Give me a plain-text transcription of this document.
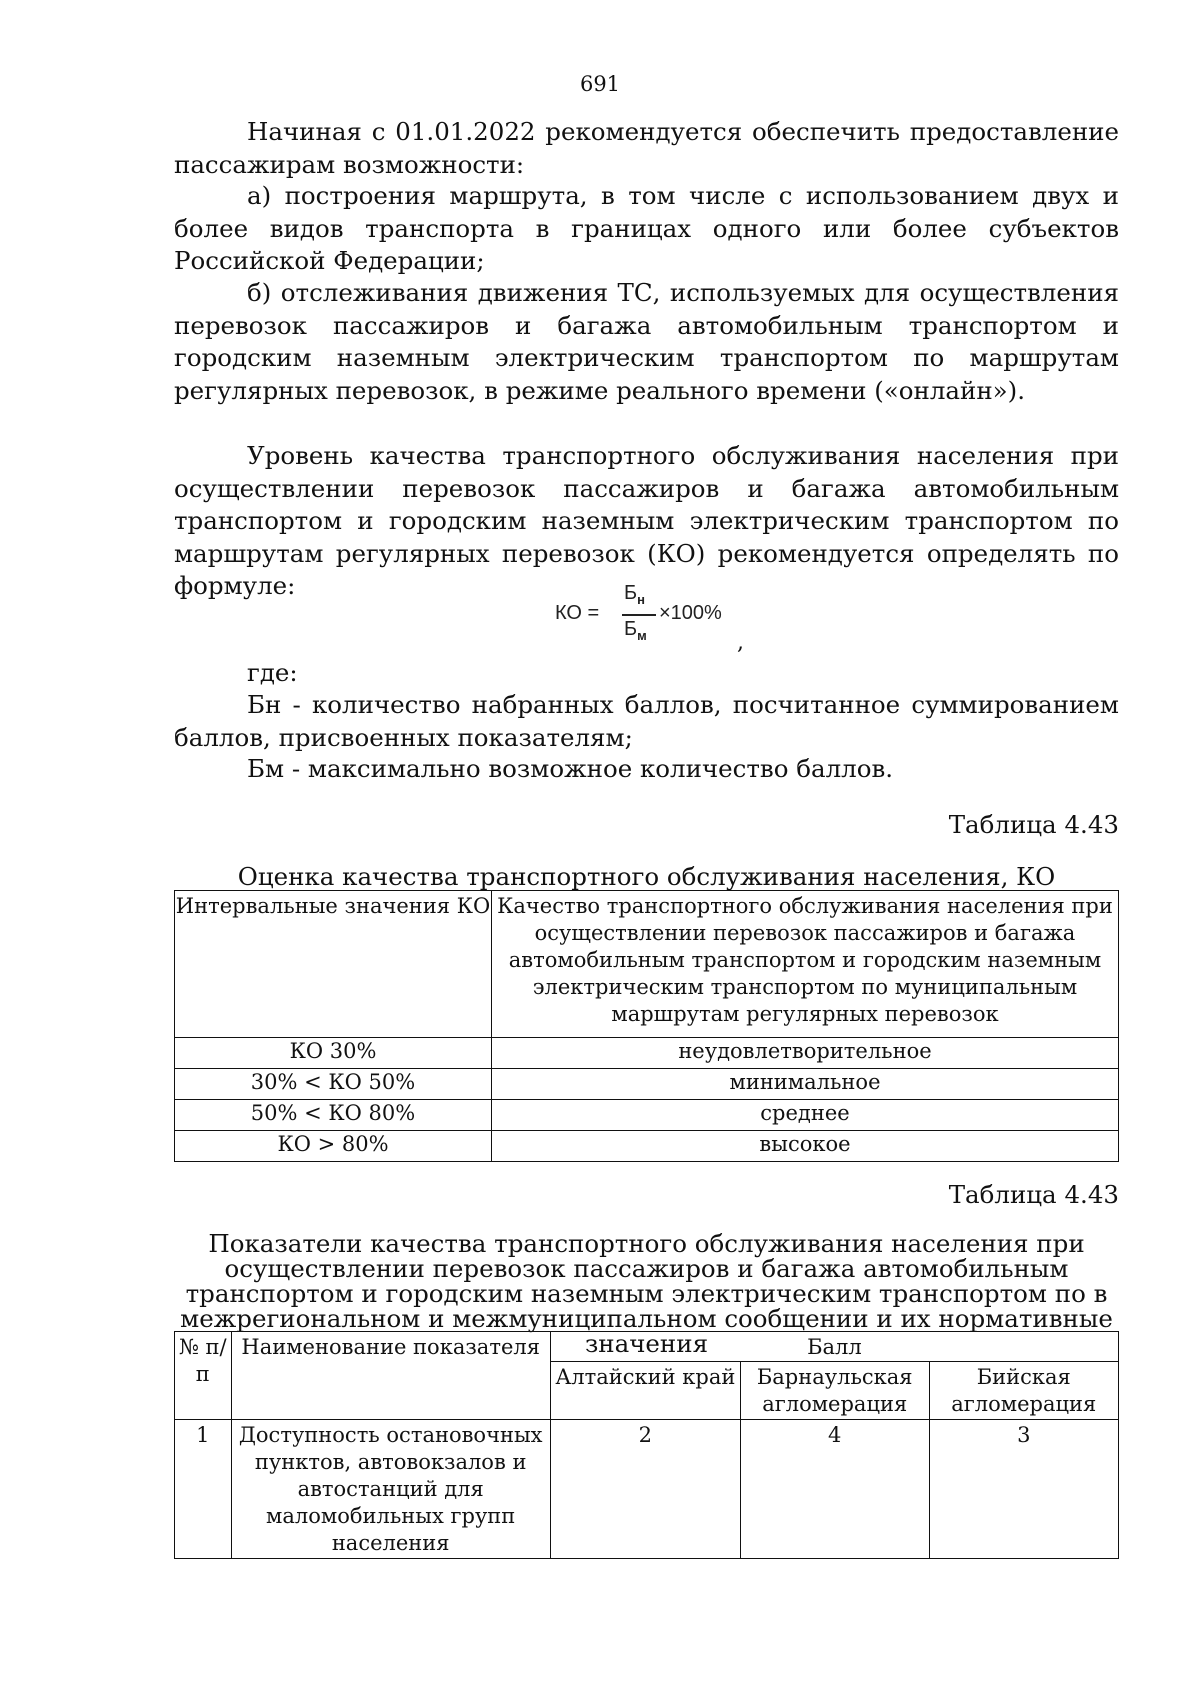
691

Начиная с 01.01.2022 рекомендуется обеспечить предоставление пассажирам возможности:

а) построения маршрута, в том числе с использованием двух и более видов транспорта в границах одного или более субъектов Российской Федерации;

б) отслеживания движения ТС, используемых для осуществления перевозок пассажиров и багажа автомобильным транспортом и городским наземным электрическим транспортом по маршрутам регулярных перевозок, в режиме реального времени («онлайн»).

Уровень качества транспортного обслуживания населения при осуществлении перевозок пассажиров и багажа автомобильным транспортом и городским наземным электрическим транспортом по маршрутам регулярных перевозок (КО) рекомендуется определять по формуле:

КО =
$Б_н$
$Б_м$
×100%
,

где:

Бн - количество набранных баллов, посчитанное суммированием баллов, присвоенных показателям;

Бм - максимально возможное количество баллов.

Таблица 4.43

Оценка качества транспортного обслуживания населения, КО

Интервальные значения КО	Качество транспортного обслуживания населения при осуществлении перевозок пассажиров и багажа автомобильным транспортом и городским наземным электрическим транспортом по муниципальным маршрутам регулярных перевозок
КО 30%	неудовлетворительное
30% < КО 50%	минимальное
50% < КО 80%	среднее
КО > 80%	высокое
Таблица 4.43

Показатели качества транспортного обслуживания населения при осуществлении перевозок пассажиров и багажа автомобильным транспортом и городским наземным электрическим транспортом по в межрегиональном и межмуниципальном сообщении и их нормативные значения

№ п/п	Наименование показателя	Балл		
		Алтайский край	Барнаульская агломерация	Бийская агломерация
1	Доступность остановочных пунктов, автовокзалов и автостанций для маломобильных групп населения	2	4	3
